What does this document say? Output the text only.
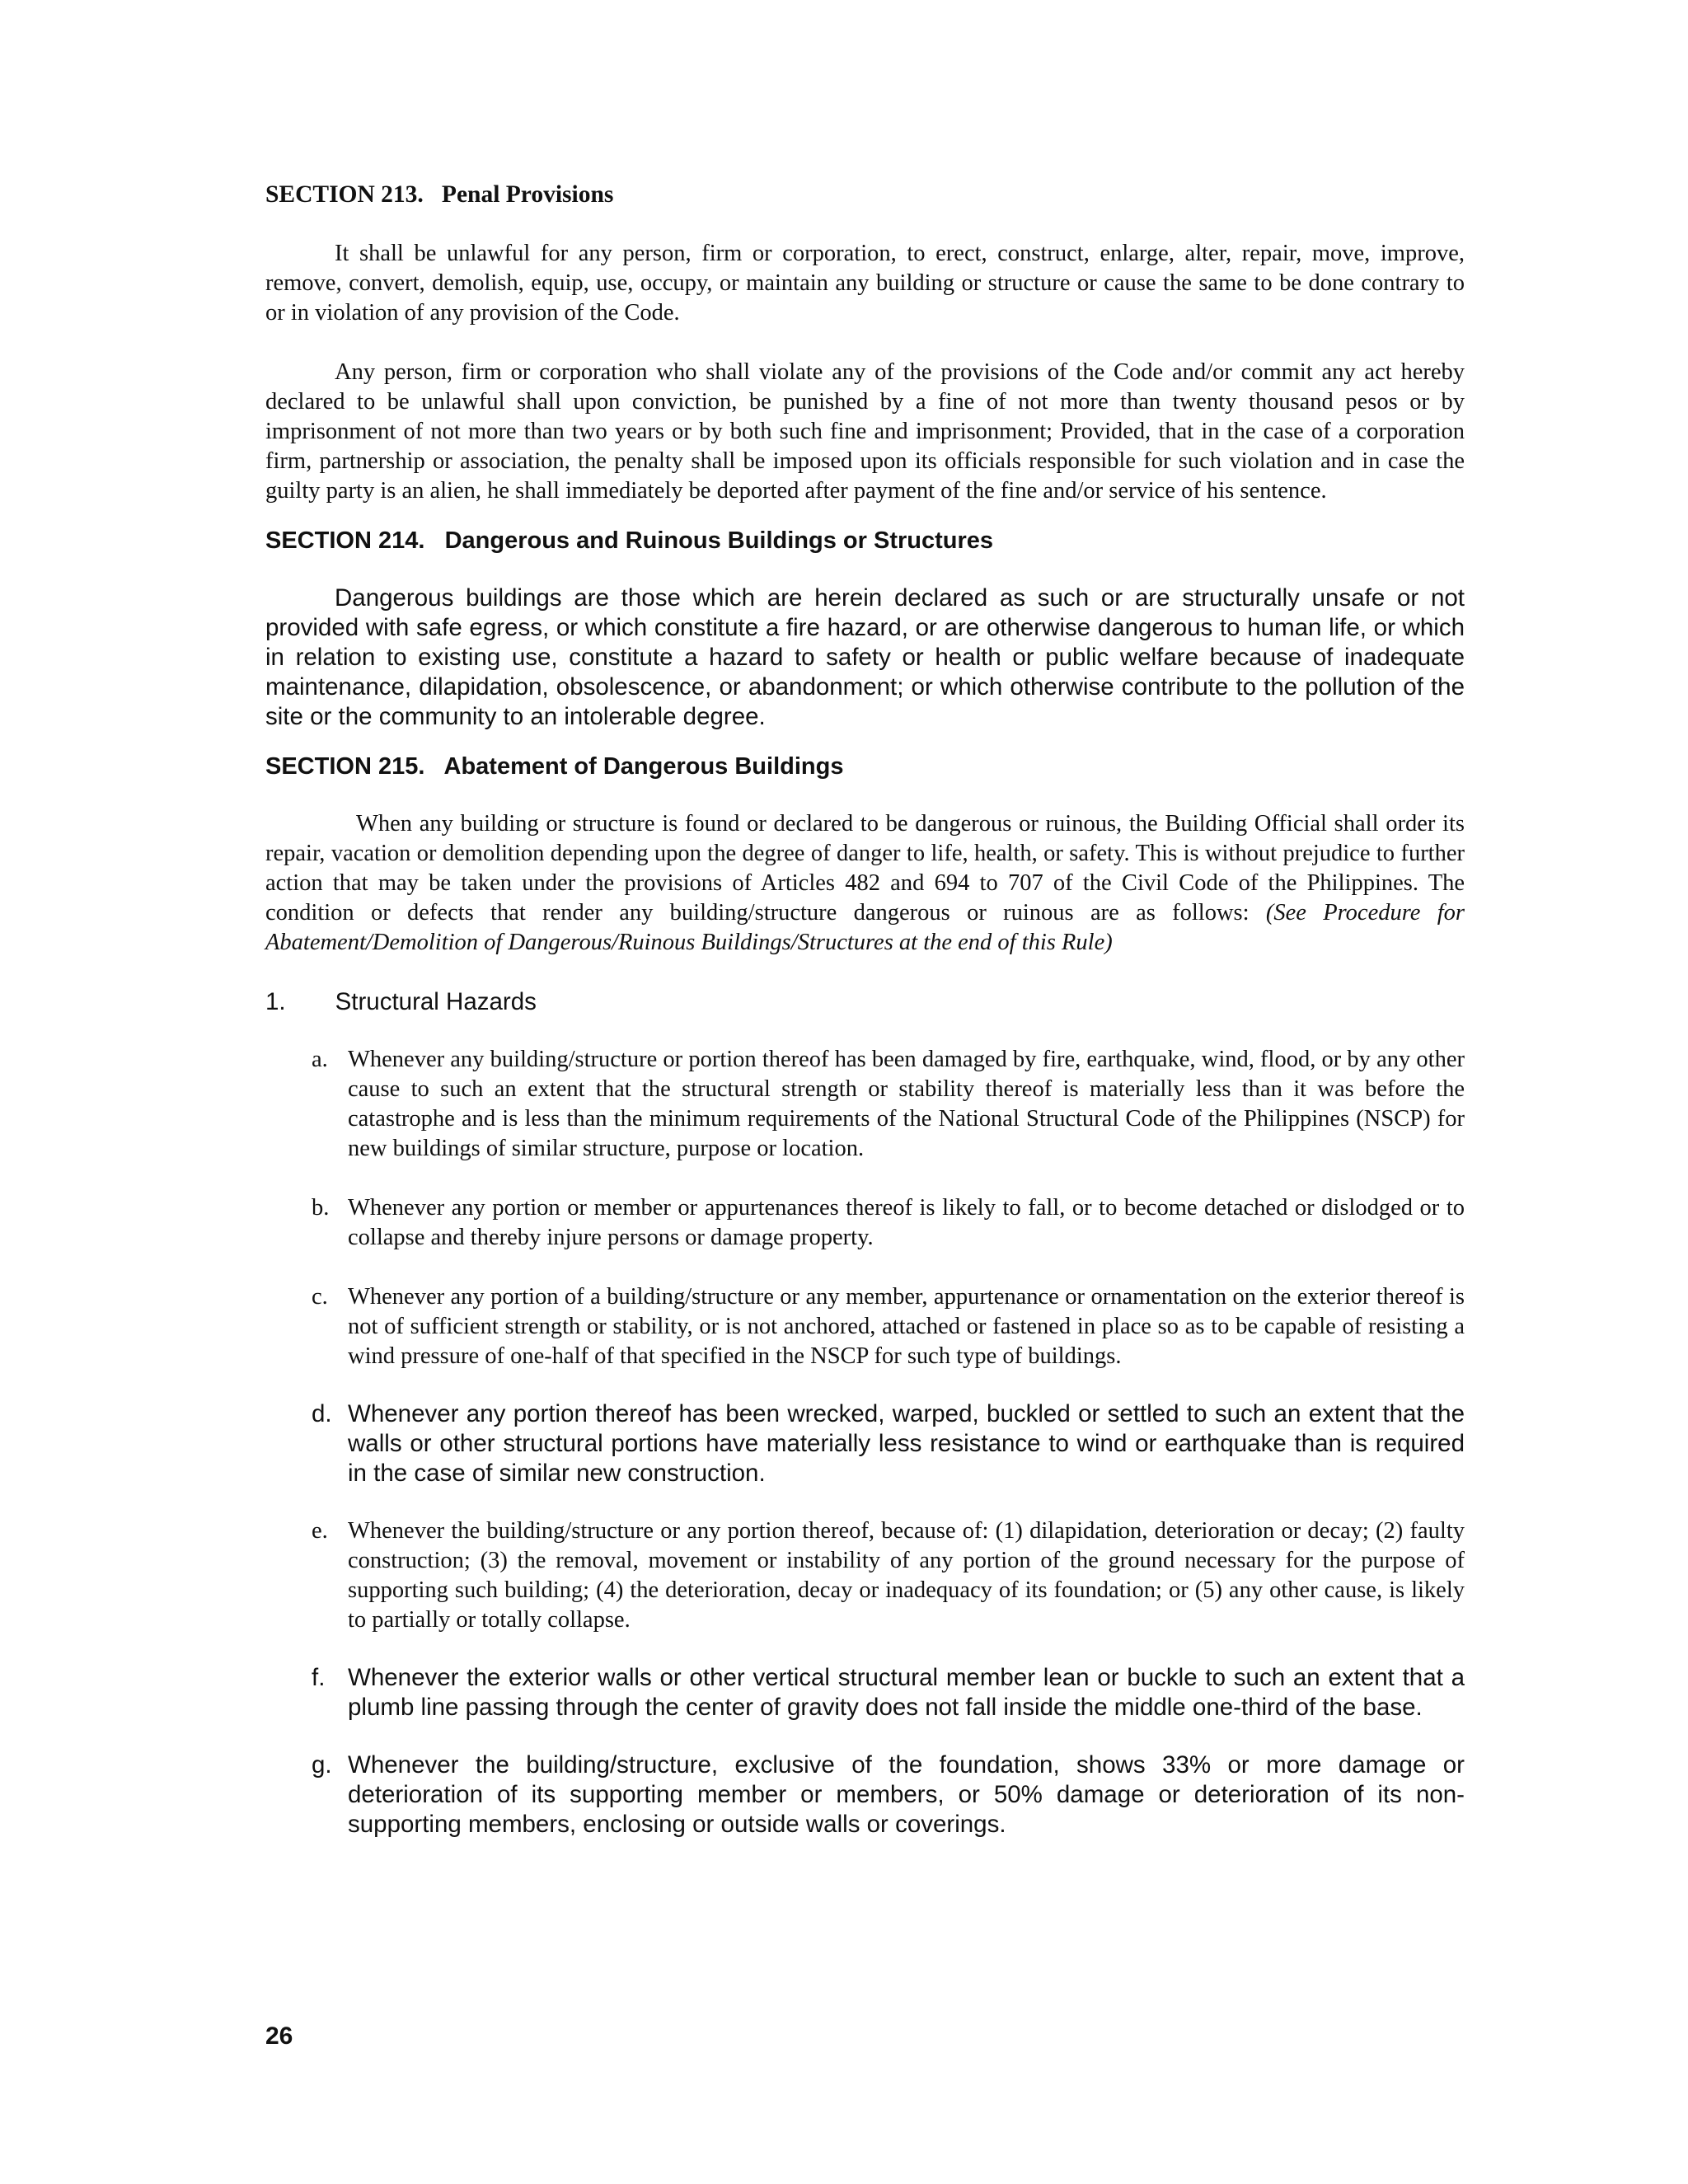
SECTION 213.   Penal Provisions

It shall be unlawful for any person, firm or corporation, to erect, construct, enlarge, alter, repair, move, improve, remove, convert, demolish, equip, use, occupy, or maintain any building or structure or cause the same to be done contrary to or in violation of any provision of the Code.

Any person, firm or corporation who shall violate any of the provisions of the Code and/or commit any act hereby declared to be unlawful shall upon conviction, be punished by a fine of not more than twenty thousand pesos or by imprisonment of not more than two years or by both such fine and imprisonment; Provided, that in the case of a corporation firm, partnership or association, the penalty shall be imposed upon its officials responsible for such violation and in case the guilty party is an alien, he shall immediately be deported after payment of the fine and/or service of his sentence.

SECTION 214.   Dangerous and Ruinous Buildings or Structures

Dangerous buildings are those which are herein declared as such or are structurally unsafe or not provided with safe egress, or which constitute a fire hazard, or are otherwise dangerous to human life, or which in relation to existing use, constitute a hazard to safety or health or public welfare because of inadequate maintenance, dilapidation, obsolescence, or abandonment; or which otherwise contribute to the pollution of the site or the community to an intolerable degree.

SECTION 215.   Abatement of Dangerous Buildings

When any building or structure is found or declared to be dangerous or ruinous, the Building Official shall order its repair, vacation or demolition depending upon the degree of danger to life, health, or safety. This is without prejudice to further action that may be taken under the provisions of Articles 482 and 694 to 707 of the Civil Code of the Philippines. The condition or defects that render any building/structure dangerous or ruinous are as follows: (See Procedure for Abatement/Demolition of Dangerous/Ruinous Buildings/Structures at the end of this Rule)

1. Structural Hazards
a. Whenever any building/structure or portion thereof has been damaged by fire, earthquake, wind, flood, or by any other cause to such an extent that the structural strength or stability thereof is materially less than it was before the catastrophe and is less than the minimum requirements of the National Structural Code of the Philippines (NSCP) for new buildings of similar structure, purpose or location.
b. Whenever any portion or member or appurtenances thereof is likely to fall, or to become detached or dislodged or to collapse and thereby injure persons or damage property.
c. Whenever any portion of a building/structure or any member, appurtenance or ornamentation on the exterior thereof is not of sufficient strength or stability, or is not anchored, attached or fastened in place so as to be capable of resisting a wind pressure of one-half of that specified in the NSCP for such type of buildings.
d. Whenever any portion thereof has been wrecked, warped, buckled or settled to such an extent that the walls or other structural portions have materially less resistance to wind or earthquake than is required in the case of similar new construction.
e. Whenever the building/structure or any portion thereof, because of: (1) dilapidation, deterioration or decay; (2) faulty construction; (3) the removal, movement or instability of any portion of the ground necessary for the purpose of supporting such building; (4) the deterioration, decay or inadequacy of its foundation; or (5) any other cause, is likely to partially or totally collapse.
f. Whenever the exterior walls or other vertical structural member lean or buckle to such an extent that a plumb line passing through the center of gravity does not fall inside the middle one-third of the base.
g. Whenever the building/structure, exclusive of the foundation, shows 33% or more damage or deterioration of its supporting member or members, or 50% damage or deterioration of its non-supporting members, enclosing or outside walls or coverings.
26
